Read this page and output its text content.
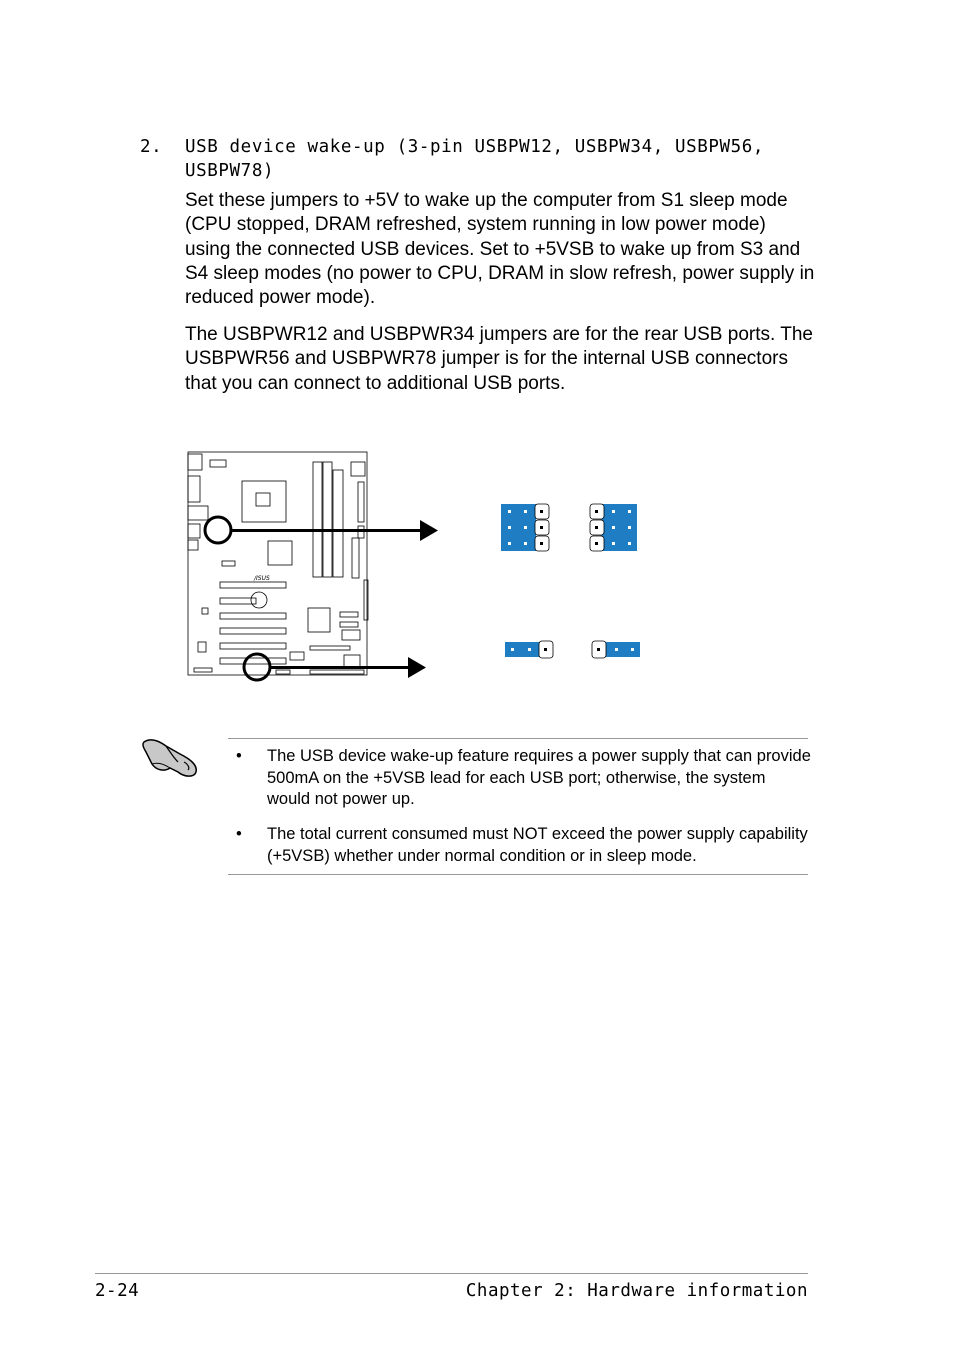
2. USB device wake-up (3-pin USBPW12, USBPW34, USBPW56, USBPW78)

Set these jumpers to +5V to wake up the computer from S1 sleep mode (CPU stopped, DRAM refreshed, system running in low power mode) using the connected USB devices. Set to +5VSB to wake up from S3 and S4 sleep modes (no power to CPU, DRAM in slow refresh, power supply in reduced power mode).

The USBPWR12 and USBPWR34 jumpers are for the rear USB ports. The USBPWR56 and USBPWR78 jumper is for the internal USB connectors that you can connect to additional USB ports.

/ISUS
• The USB device wake-up feature requires a power supply that can provide 500mA on the +5VSB lead for each USB port; otherwise, the system would not power up.
• The total current consumed must NOT exceed the power supply capability (+5VSB) whether under normal condition or in sleep mode.
2-24	Chapter 2: Hardware information
